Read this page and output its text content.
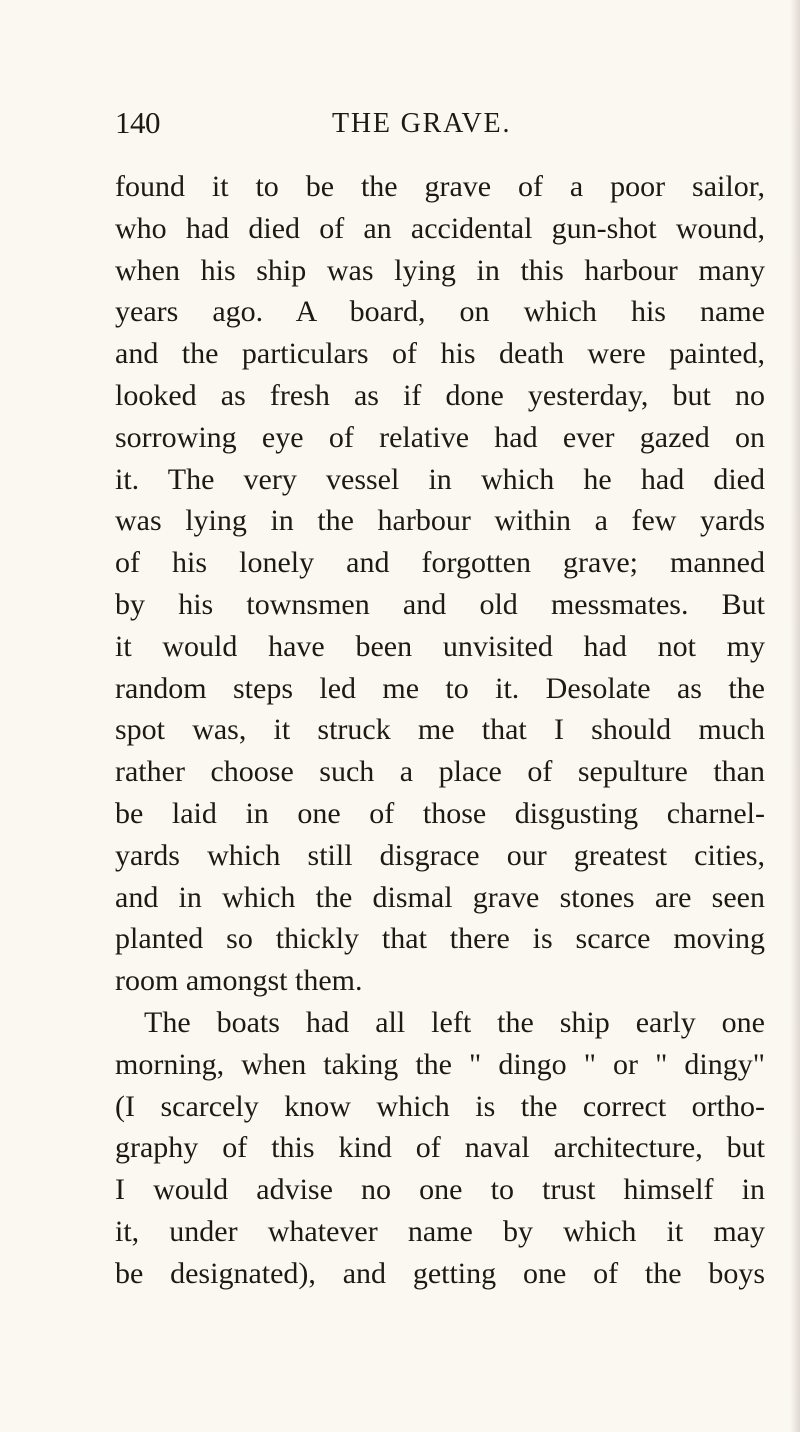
140	THE GRAVE.
found it to be the grave of a poor sailor,
who had died of an accidental gun-shot wound,
when his ship was lying in this harbour many
years ago. A board, on which his name
and the particulars of his death were painted,
looked as fresh as if done yesterday, but no
sorrowing eye of relative had ever gazed on
it. The very vessel in which he had died
was lying in the harbour within a few yards
of his lonely and forgotten grave; manned
by his townsmen and old messmates. But
it would have been unvisited had not my
random steps led me to it. Desolate as the
spot was, it struck me that I should much
rather choose such a place of sepulture than
be laid in one of those disgusting charnel-
yards which still disgrace our greatest cities,
and in which the dismal grave stones are seen
planted so thickly that there is scarce moving
room amongst them.
The boats had all left the ship early one
morning, when taking the " dingo " or " dingy"
(I scarcely know which is the correct ortho-
graphy of this kind of naval architecture, but
I would advise no one to trust himself in
it, under whatever name by which it may
be designated), and getting one of the boys
